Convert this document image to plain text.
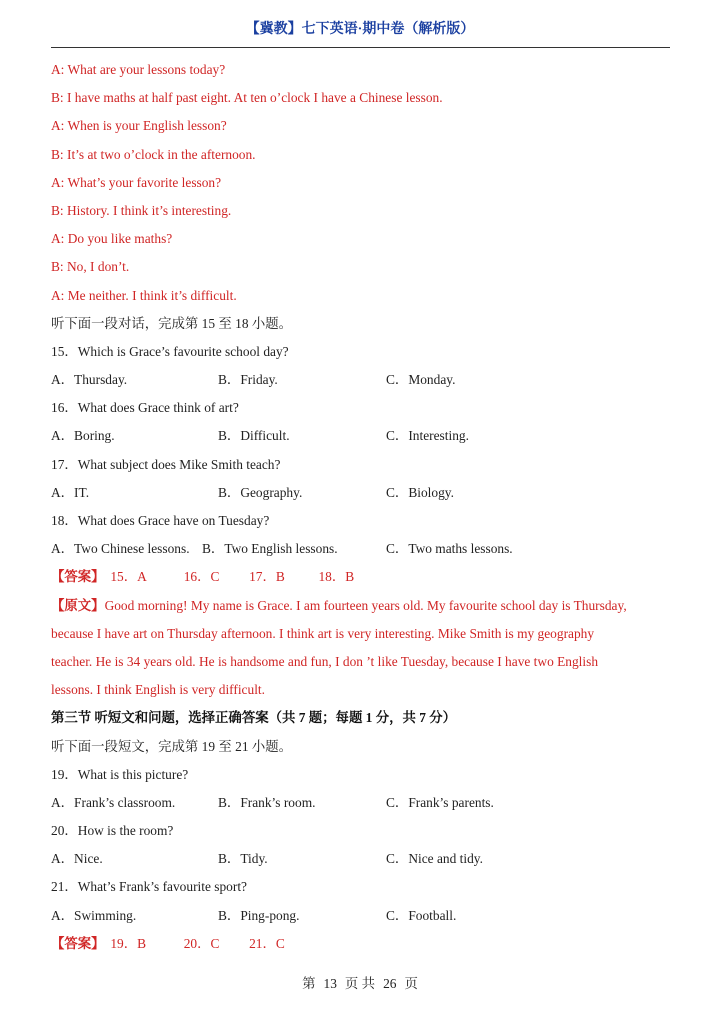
【冀教】七下英语·期中卷（解析版）
A: What are your lessons today?
B: I have maths at half past eight. At ten o’clock I have a Chinese lesson.
A: When is your English lesson?
B: It’s at two o’clock in the afternoon.
A: What’s your favorite lesson?
B: History. I think it’s interesting.
A: Do you like maths?
B: No, I don’t.
A: Me neither. I think it’s difficult.
听下面一段对话，完成第 15 至 18 小题。
15．Which is Grace’s favourite school day?
A．Thursday.	B．Friday.	C．Monday.
16．What does Grace think of art?
A．Boring.	B．Difficult.	C．Interesting.
17．What subject does Mike Smith teach?
A．IT.	B．Geography.	C．Biology.
18．What does Grace have on Tuesday?
A．Two Chinese lessons. B．Two English lessons.	C．Two maths lessons.
【答案】 15．A	16．C 17．B	18．B
【原文】Good morning! My name is Grace. I am fourteen years old. My favourite school day is Thursday,
because I have art on Thursday afternoon. I think art is very interesting. Mike Smith is my geography
teacher. He is 34 years old. He is handsome and fun, I don ’t like Tuesday, because I have two English
lessons. I think English is very difficult.
第三节 听短文和问题，选择正确答案（共 7 题；每题 1 分，共 7 分）
听下面一段短文，完成第 19 至 21 小题。
19．What is this picture?
A．Frank’s classroom.	B．Frank’s room.	C．Frank’s parents.
20．How is the room?
A．Nice.	B．Tidy.	C．Nice and tidy.
21．What’s Frank’s favourite sport?
A．Swimming.	B．Ping-pong.	C．Football.
【答案】 19．B	20．C 21．C
第 13 页 共 26 页
